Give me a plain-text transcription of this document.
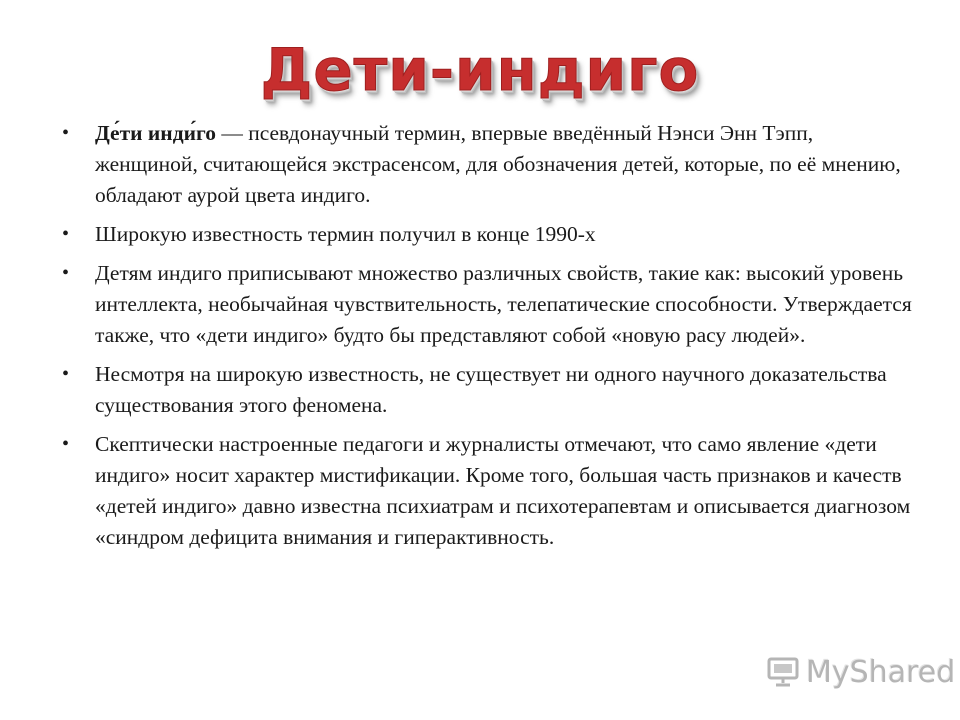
Дети-индиго
• Де́ти инди́го — псевдонаучный термин, впервые введённый Нэнси Энн Тэпп, женщиной, считающейся экстрасенсом, для обозначения детей, которые, по её мнению, обладают аурой цвета индиго.
• Широкую известность термин получил в конце 1990-х
• Детям индиго приписывают множество различных свойств, такие как: высокий уровень интеллекта, необычайная чувствительность, телепатические способности. Утверждается также, что «дети индиго» будто бы представляют собой «новую расу людей».
• Несмотря на широкую известность, не существует ни одного научного доказательства существования этого феномена.
• Скептически настроенные педагоги и журналисты отмечают, что само явление «дети индиго» носит характер мистификации. Кроме того, большая часть признаков и качеств «детей индиго» давно известна психиатрам и психотерапевтам и описывается диагнозом «синдром дефицита внимания и гиперактивность.
MyShared
